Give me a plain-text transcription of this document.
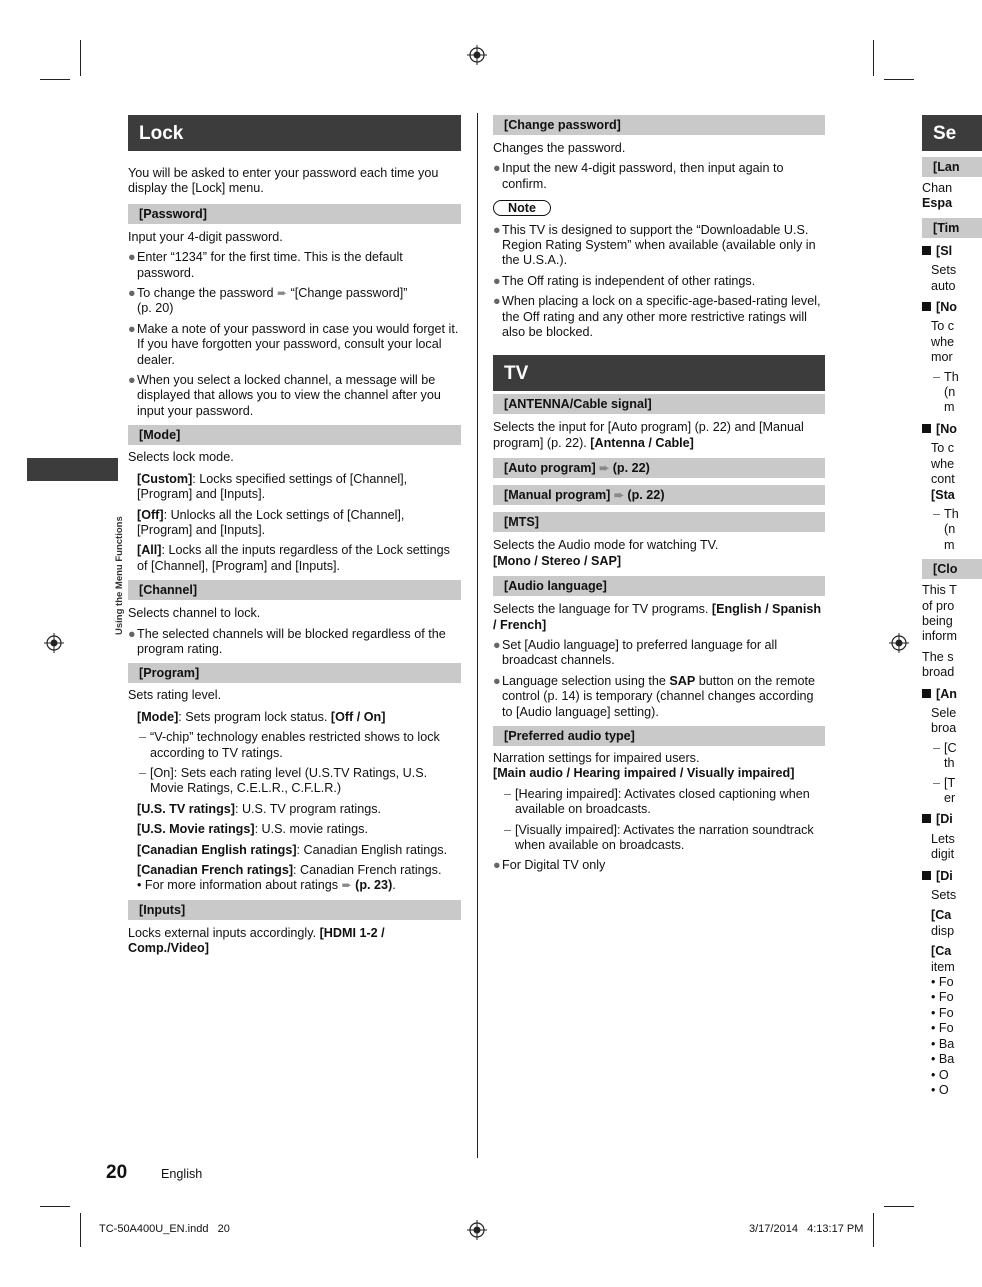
Using the Menu Functions
Lock

You will be asked to enter your password each time you display the [Lock] menu.

[Password]

Input your 4-digit password.

● Enter “1234” for the first time. This is the default password.
● To change the password ➨ “[Change password]”
(p. 20)
● Make a note of your password in case you would forget it. If you have forgotten your password, consult your local dealer.
● When you select a locked channel, a message will be displayed that allows you to view the channel after you input your password.
[Mode]

Selects lock mode.

[Custom]: Locks specified settings of [Channel], [Program] and [Inputs].

[Off]: Unlocks all the Lock settings of [Channel], [Program] and [Inputs].

[All]: Locks all the inputs regardless of the Lock settings of [Channel], [Program] and [Inputs].

[Channel]

Selects channel to lock.

● The selected channels will be blocked regardless of the program rating.
[Program]

Sets rating level.

[Mode]: Sets program lock status. [Off / On]

– “V-chip” technology enables restricted shows to lock according to TV ratings.
– [On]: Sets each rating level (U.S.TV Ratings, U.S. Movie Ratings, C.E.L.R., C.F.L.R.)

[U.S. TV ratings]: U.S. TV program ratings.

[U.S. Movie ratings]: U.S. movie ratings.

[Canadian English ratings]: Canadian English ratings.

[Canadian French ratings]: Canadian French ratings.
• For more information about ratings ➨ (p. 23).

[Inputs]

Locks external inputs accordingly. [HDMI 1-2 / Comp./Video]

[Change password]

Changes the password.

● Input the new 4-digit password, then input again to confirm.
Note
● This TV is designed to support the “Downloadable U.S. Region Rating System” when available (available only in the U.S.A.).
● The Off rating is independent of other ratings.
● When placing a lock on a specific-age-based-rating level, the Off rating and any other more restrictive ratings will also be blocked.
TV
[ANTENNA/Cable signal]

Selects the input for [Auto program] (p. 22) and [Manual program] (p. 22). [Antenna / Cable]

[Auto program] ➨ (p. 22)
[Manual program] ➨ (p. 22)
[MTS]

Selects the Audio mode for watching TV.

[Mono / Stereo / SAP]

[Audio language]

Selects the language for TV programs. [English / Spanish / French]

● Set [Audio language] to preferred language for all broadcast channels.
● Language selection using the SAP button on the remote control (p. 14) is temporary (channel changes according to [Audio language] setting).
[Preferred audio type]

Narration settings for impaired users.

[Main audio / Hearing impaired / Visually impaired]

– [Hearing impaired]: Activates closed captioning when available on broadcasts.
– [Visually impaired]: Activates the narration soundtrack when available on broadcasts.
● For Digital TV only
Se
[Lan

Chan

Espa

[Tim

[Sl

Sets

auto

[No

To c

whe

mor

– Th

(n

m

[No

To c

whe

cont

[Sta

– Th

(n

m

[Clo

This T

of pro

being

inform

The s

broad

[An

Sele

broa

– [C

th

– [T

er

[Di

Lets

digit

[Di

Sets

[Ca

disp

[Ca

item

• Fo

• Fo

• Fo

• Fo

• Ba

• Ba

• O

• O

20	English
TC-50A400U_EN.indd   20	3/17/2014   4:13:17 PM
